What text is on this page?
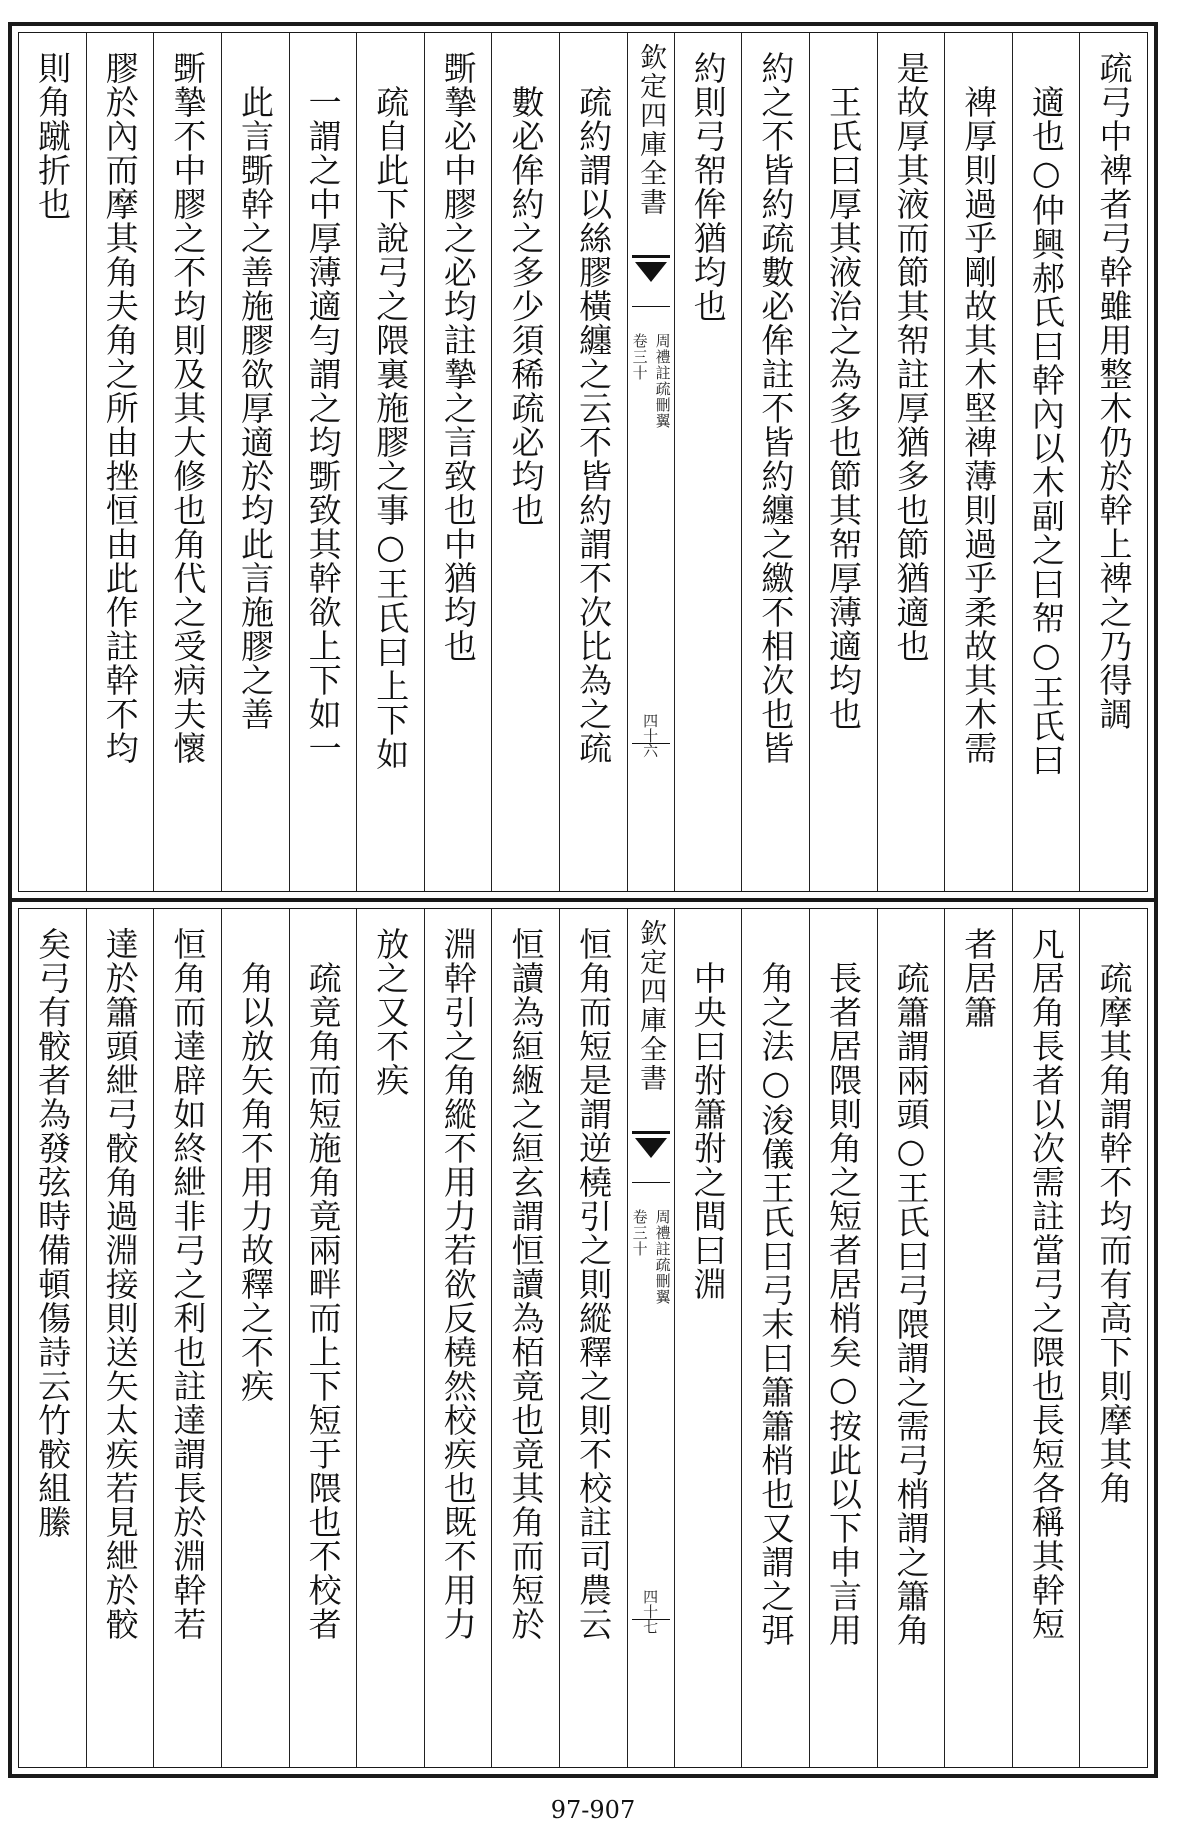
疏弓中裨者弓幹雖用整木仍於幹上裨之乃得調
適也○仲興郝氏曰幹內以木副之曰帤○王氏曰
裨厚則過乎剛故其木堅裨薄則過乎柔故其木需
是故厚其液而節其帤註厚猶多也節猶適也
王氏曰厚其液治之為多也節其帤厚薄適均也
約之不皆約疏數必侔註不皆約纏之繳不相次也皆
約則弓帤侔猶均也
欽定四庫全書
周禮註疏刪翼
卷三十
四十六
疏約謂以絲膠橫纏之云不皆約謂不次比為之疏
數必侔約之多少須稀疏必均也
斲摯必中膠之必均註摯之言致也中猶均也
疏自此下說弓之隈裏施膠之事○王氏曰上下如
一謂之中厚薄適勻謂之均斲致其幹欲上下如一
此言斲幹之善施膠欲厚適於均此言施膠之善
斲摯不中膠之不均則及其大修也角代之受病夫懷
膠於內而摩其角夫角之所由挫恒由此作註幹不均
則角蹴折也
疏摩其角謂幹不均而有高下則摩其角
凡居角長者以次需註當弓之隈也長短各稱其幹短
者居簫
疏簫謂兩頭○王氏曰弓隈謂之需弓梢謂之簫角
長者居隈則角之短者居梢矣○按此以下申言用
角之法○浚儀王氏曰弓末曰簫簫梢也又謂之弭
中央曰弣簫弣之間曰淵
欽定四庫全書
周禮註疏刪翼
卷三十
四十七
恒角而短是謂逆橈引之則縱釋之則不校註司農云
恒讀為絙緪之絙玄謂恒讀為栢竟也竟其角而短於
淵幹引之角縱不用力若欲反橈然校疾也既不用力
放之又不疾
疏竟角而短施角竟兩畔而上下短于隈也不校者
角以放矢角不用力故釋之不疾
恒角而達辟如終紲非弓之利也註達謂長於淵幹若
達於簫頭紲弓骹角過淵接則送矢太疾若見紲於骹
矣弓有骹者為發弦時備頓傷詩云竹骹組縢
97-907
